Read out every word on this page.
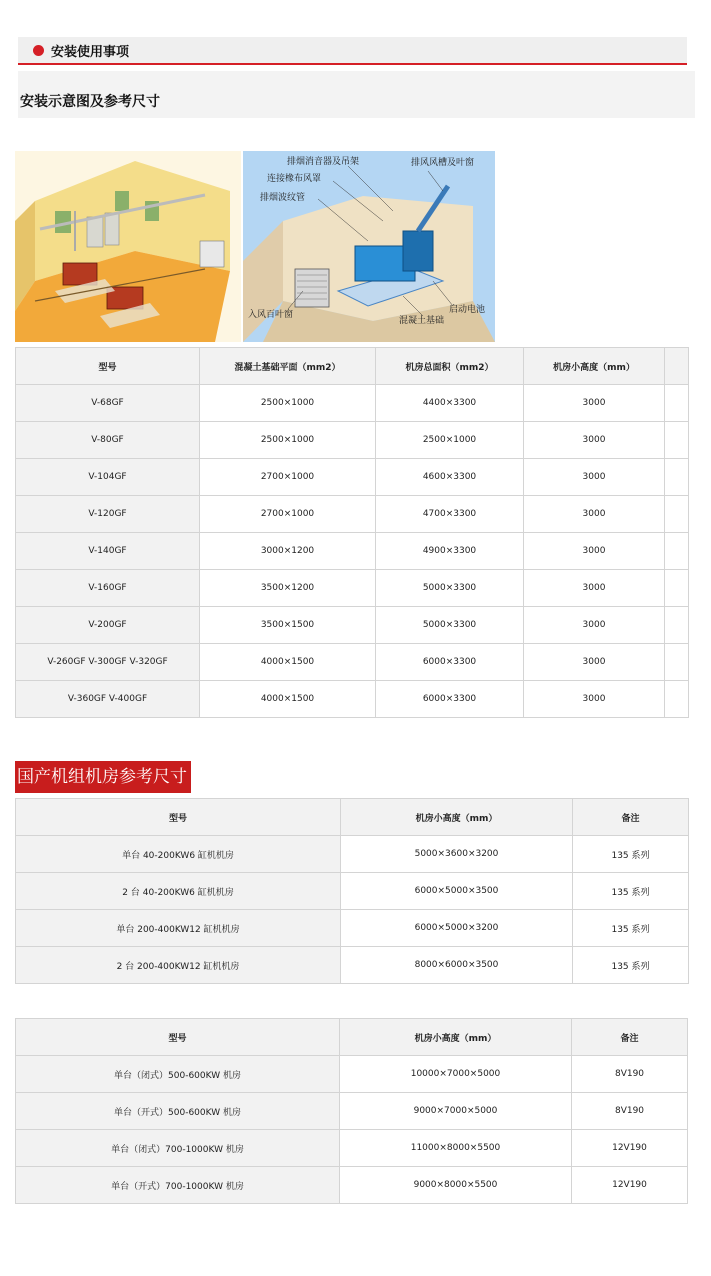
安装使用事项
安装示意图及参考尺寸
排烟消音器及吊架	排风风槽及叶窗
连接橡布风罩
排烟波纹管
入风百叶窗	启动电池
混凝土基础
型号	混凝土基础平面（mm2）	机房总面积（mm2）	机房小高度（mm）	
V-68GF	2500×1000	4400×3300	3000	
V-80GF	2500×1000	2500×1000	3000	
V-104GF	2700×1000	4600×3300	3000	
V-120GF	2700×1000	4700×3300	3000	
V-140GF	3000×1200	4900×3300	3000	
V-160GF	3500×1200	5000×3300	3000	
V-200GF	3500×1500	5000×3300	3000	
V-260GF V-300GF V-320GF	4000×1500	6000×3300	3000	
V-360GF V-400GF	4000×1500	6000×3300	3000	
国产机组机房参考尺寸
型号	机房小高度（mm）	备注
单台 40-200KW6 缸机机房	5000×3600×3200	135 系列
2 台 40-200KW6 缸机机房	6000×5000×3500	135 系列
单台 200-400KW12 缸机机房	6000×5000×3200	135 系列
2 台 200-400KW12 缸机机房	8000×6000×3500	135 系列
型号	机房小高度（mm）	备注
单台（闭式）500-600KW 机房	10000×7000×5000	8V190
单台（开式）500-600KW 机房	9000×7000×5000	8V190
单台（闭式）700-1000KW 机房	11000×8000×5500	12V190
单台（开式）700-1000KW 机房	9000×8000×5500	12V190
